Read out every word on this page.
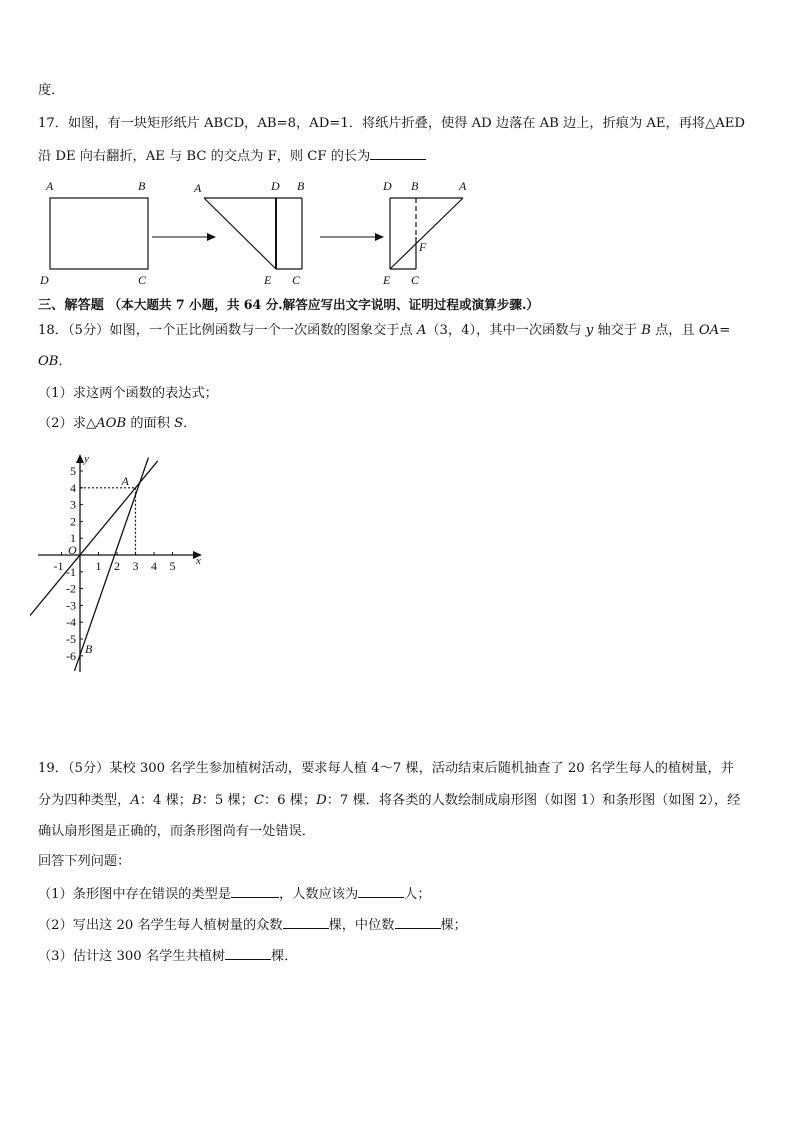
度．
17．如图，有一块矩形纸片 ABCD，AB=8，AD=1．将纸片折叠，使得 AD 边落在 AB 边上，折痕为 AE，再将△AED
沿 DE 向右翻折，AE 与 BC 的交点为 F，则 CF 的长为
A	B
D	C
A	D B
E C
D B	A
F
E C
三、解答题 （本大题共 7 小题，共 64 分.解答应写出文字说明、证明过程或演算步骤.）
18．（5分）如图，一个正比例函数与一个一次函数的图象交于点 A（3，4），其中一次函数与 y 轴交于 B 点，且 OA=
OB．
（1）求这两个函数的表达式；
（2）求△AOB 的面积 S．
x
y
O
-1	1 2 3 4 5
5
4
3
2
1
-1
-2
-3
-4
-5
-6
A
B
19．（5分）某校 300 名学生参加植树活动，要求每人植 4～7 棵，活动结束后随机抽查了 20 名学生每人的植树量，并
分为四种类型，A：4 棵；B：5 棵；C：6 棵；D：7 棵．将各类的人数绘制成扇形图（如图 1）和条形图（如图 2），经
确认扇形图是正确的，而条形图尚有一处错误．
回答下列问题：
（1）条形图中存在错误的类型是	，人数应该为	人；
（2）写出这 20 名学生每人植树量的众数	棵，中位数	棵；
（3）估计这 300 名学生共植树	棵．
